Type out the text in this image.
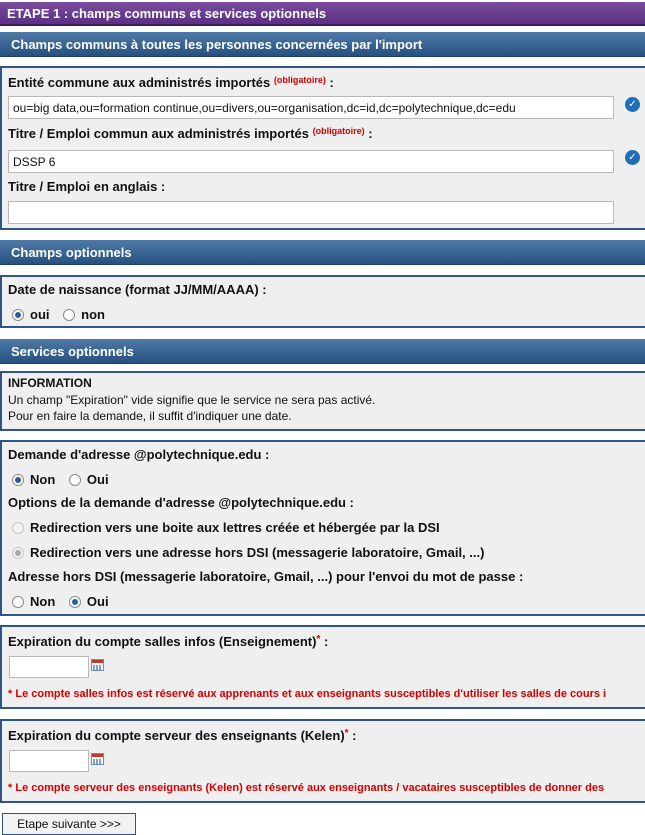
ETAPE 1 : champs communs et services optionnels
Champs communs à toutes les personnes concernées par l'import
Entité commune aux administrés importés $^{(obligatoire)}$ :
ou=big data,ou=formation continue,ou=divers,ou=organisation,dc=id,dc=polytechnique,dc=edu
✓
Titre / Emploi commun aux administrés importés $^{(obligatoire)}$ :
DSSP 6
✓
Titre / Emploi en anglais :
Champs optionnels
Date de naissance (format JJ/MM/AAAA) :
oui non
Services optionnels
INFORMATION
Un champ "Expiration" vide signifie que le service ne sera pas activé.
Pour en faire la demande, il suffit d'indiquer une date.
Demande d'adresse @polytechnique.edu :
Non Oui
Options de la demande d'adresse @polytechnique.edu :
Redirection vers une boite aux lettres créée et hébergée par la DSI
Redirection vers une adresse hors DSI (messagerie laboratoire, Gmail, ...)
Adresse hors DSI (messagerie laboratoire, Gmail, ...) pour l'envoi du mot de passe :
Non Oui
Expiration du compte salles infos (Enseignement)* :
* Le compte salles infos est réservé aux apprenants et aux enseignants susceptibles d'utiliser les salles de cours i
Expiration du compte serveur des enseignants (Kelen)* :
* Le compte serveur des enseignants (Kelen) est réservé aux enseignants / vacataires susceptibles de donner des
Etape suivante >>>
